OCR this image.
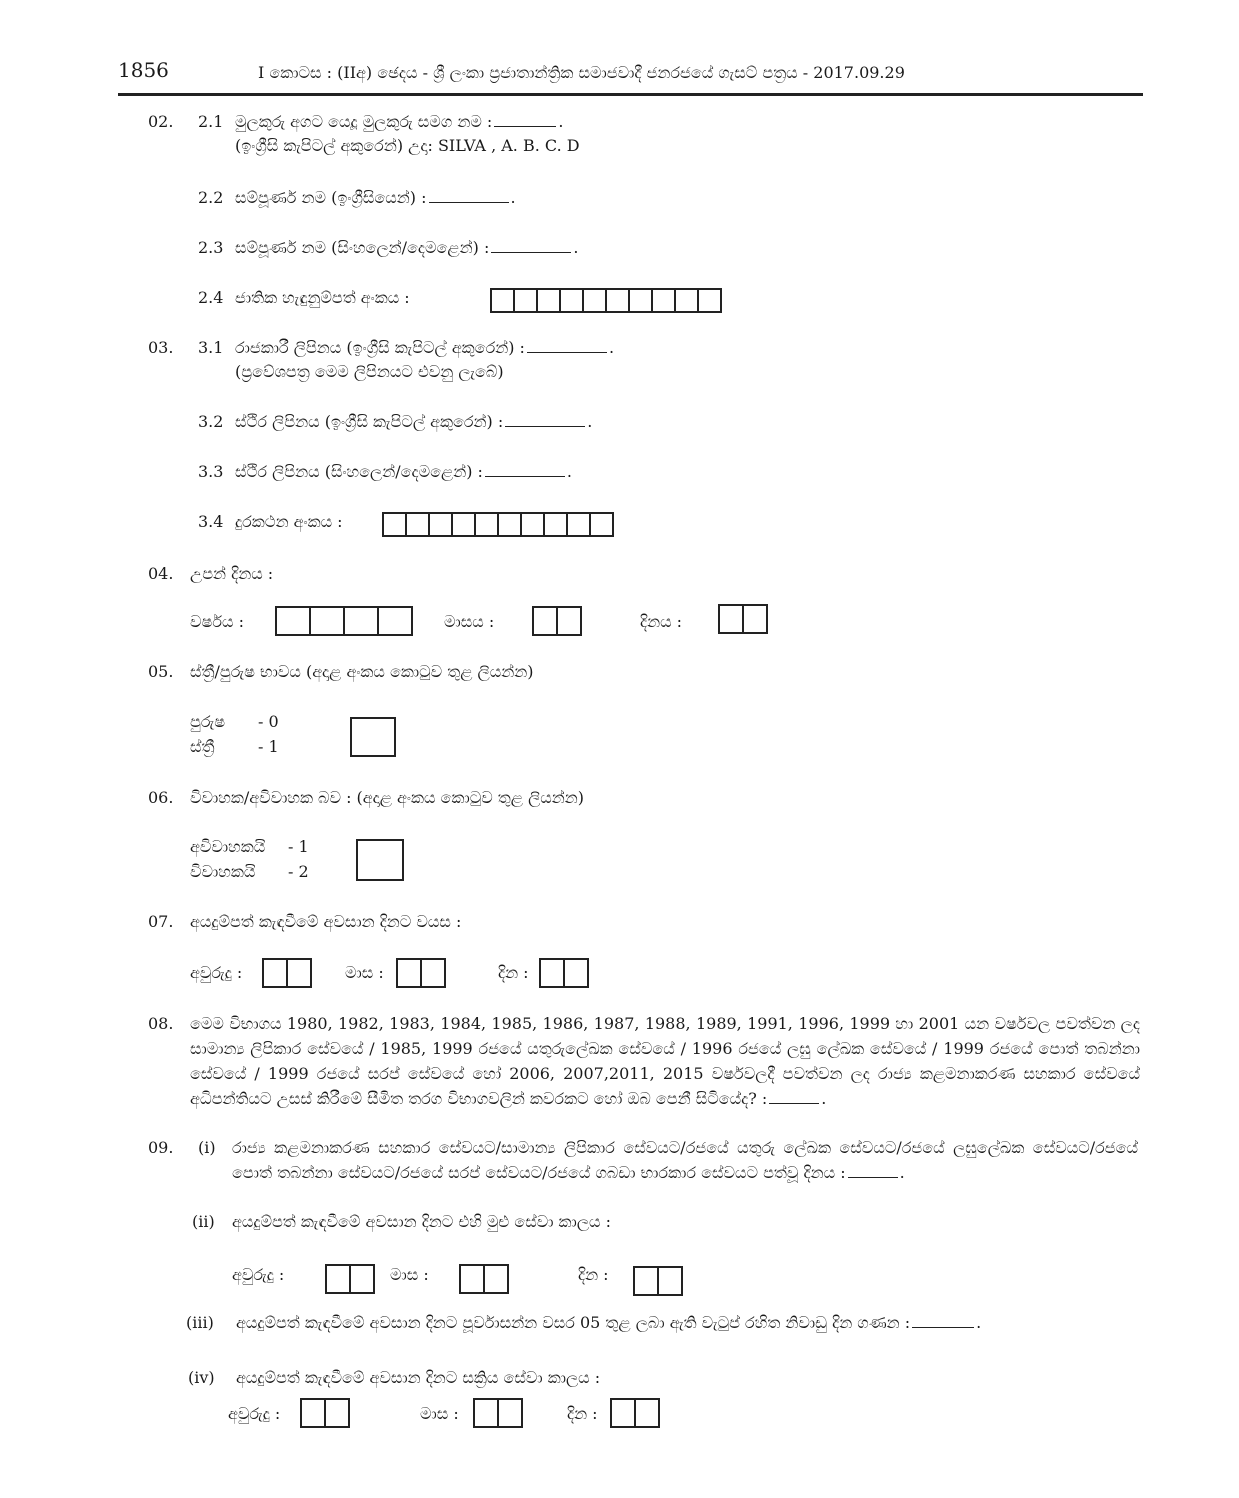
1856	I කොටස : (IIඅ) ඡෙදය - ශ්‍රී ලංකා ප්‍රජාතාන්ත්‍රික සමාජවාදී ජනරජයේ ගැසට් පත්‍රය - 2017.09.29
02. 2.1 මුලකුරු අගට යෙදූ මුලකුරු සමග නම :	.
(ඉංග්‍රීසි කැපිටල් අකුරෙන්) උදා: SILVA , A. B. C. D
2.2 සම්පූර්ණ නම (ඉංග්‍රීසියෙන්) :	.
2.3 සම්පූර්ණ නම (සිංහලෙන්/දෙමළෙන්) :	.
2.4 ජාතික හැඳුනුම්පත් අංකය :
03. 3.1 රාජකාරී ලිපිනය (ඉංග්‍රීසි කැපිටල් අකුරෙන්) :	.
(ප්‍රවේශපත්‍ර මෙම ලිපිනයට එවනු ලැබේ)
3.2 ස්ථිර ලිපිනය (ඉංග්‍රීසි කැපිටල් අකුරෙන්) :	.
3.3 ස්ථිර ලිපිනය (සිංහලෙන්/දෙමළෙන්) :	.
3.4 දුරකථන අංකය :
04. උපන් දිනය :
වර්ෂය :	මාසය :	දිනය :
05. ස්ත්‍රී/පුරුෂ භාවය (අදාළ අංකය කොටුව තුළ ලියන්න)
පුරුෂ - 0
ස්ත්‍රී	- 1
06. විවාහක/අවිවාහක බව : (අදාළ අංකය කොටුව තුළ ලියන්න)
අවිවාහකයි - 1
විවාහකයි - 2
07. අයදුම්පත් කැඳවීමේ අවසාන දිනට වයස :
අවුරුදු :	මාස :	දින :
08. මෙම විභාගය 1980, 1982, 1983, 1984, 1985, 1986, 1987, 1988, 1989, 1991, 1996, 1999 හා 2001 යන වර්ෂවල පවත්වන ලද සාමාන්‍ය ලිපිකාර සේවයේ / 1985, 1999 රජයේ යතුරුලේඛක සේවයේ / 1996 රජයේ ලඝු ලේඛක සේවයේ / 1999 රජයේ පොත් තබන්නා සේවයේ / 1999 රජයේ සරප් සේවයේ හෝ 2006, 2007,2011, 2015 වර්ෂවලදී පවත්වන ලද රාජ්‍ය කළමනාකරණ සහකාර සේවයේ අධිපන්තියට උසස් කිරීමේ සීමිත තරග විභාගවලින් කවරකට හෝ ඔබ පෙනී සිටියේද? :	.
09. (i) රාජ්‍ය කළමනාකරණ සහකාර සේවයට/සාමාන්‍ය ලිපිකාර සේවයට/රජයේ යතුරු ලේඛක සේවයට/රජයේ ලඝුලේඛක සේවයට/රජයේ පොත් තබන්නා සේවයට/රජයේ සරප් සේවයට/රජයේ ගබඩා භාරකාර සේවයට පත්වූ දිනය :	.
(ii) අයදුම්පත් කැඳවීමේ අවසාන දිනට එහි මුළු සේවා කාලය :
අවුරුදු :	මාස :	දින :
(iii) අයදුම්පත් කැඳවීමේ අවසාන දිනට පූර්වාසන්න වසර 05 තුළ ලබා ඇති වැටුප් රහිත නිවාඩු දින ගණන :	.
(iv) අයදුම්පත් කැඳවීමේ අවසාන දිනට සක්‍රිය සේවා කාලය :
අවුරුදු :	මාස :	දින :
